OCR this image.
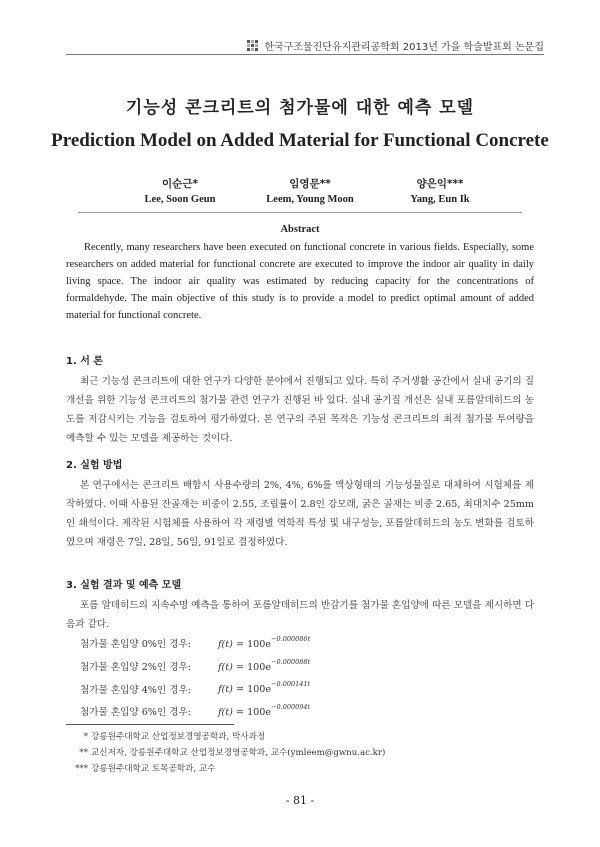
한국구조물진단유지관리공학회 2013년 가을 학술발표회 논문집
기능성 콘크리트의 첨가물에 대한 예측 모델
Prediction Model on Added Material for Functional Concrete
이순근*
Lee, Soon Geun
임영문**
Leem, Young Moon
양은익***
Yang, Eun Ik
Abstract

Recently, many researchers have been executed on functional concrete in various fields. Especially, some researchers on added material for functional concrete are executed to improve the indoor air quality in daily living space. The indoor air quality was estimated by reducing capacity for the concentrations of formaldehyde. The main objective of this study is to provide a model to predict optimal amount of added material for functional concrete.

1. 서 론

최근 기능성 콘크리트에 대한 연구가 다양한 분야에서 진행되고 있다. 특히 주거생활 공간에서 실내 공기의 질 개선을 위한 기능성 콘크리트의 첨가물 관련 연구가 진행된 바 있다. 실내 공기질 개선은 실내 포름알데히드의 농도를 저감시키는 기능을 검토하여 평가하였다. 본 연구의 주된 목적은 기능성 콘크리트의 최적 첨가물 투여량을 예측할 수 있는 모델을 제공하는 것이다.

2. 실험 방법

본 연구에서는 콘크리트 배합시 사용수량의 2%, 4%, 6%를 액상형태의 기능성물질로 대체하여 시험체를 제작하였다. 이때 사용된 잔골재는 비중이 2.55, 조립률이 2.8인 강모래, 굵은 골재는 비중 2.65, 최대치수 25mm인 쇄석이다. 제작된 시험체를 사용하여 각 재령별 역학적 특성 및 내구성능, 포름알데히드의 농도 변화를 검토하였으며 재령은 7일, 28일, 56일, 91일로 결정하였다.

3. 실험 결과 및 예측 모델

포름 알데히드의 지속수명 예측을 통하여 포름알데히드의 반감기를 첨가물 혼입양에 따른 모델을 제시하면 다음과 같다.

첨가물 혼입양 0%인 경우:	$f(t) = 100e^{-0.000086t}$
첨가물 혼입양 2%인 경우:	$f(t) = 100e^{-0.000088t}$
첨가물 혼입양 4%인 경우:	$f(t) = 100e^{-0.000141t}$
첨가물 혼입양 6%인 경우:	$f(t) = 100e^{-0.000094t}$
* 강릉원주대학교 산업정보경영공학과, 박사과정
** 교신저자, 강릉원주대학교 산업정보경영공학과, 교수(ymleem@gwnu.ac.kr)
*** 강릉원주대학교 토목공학과, 교수
- 81 -
